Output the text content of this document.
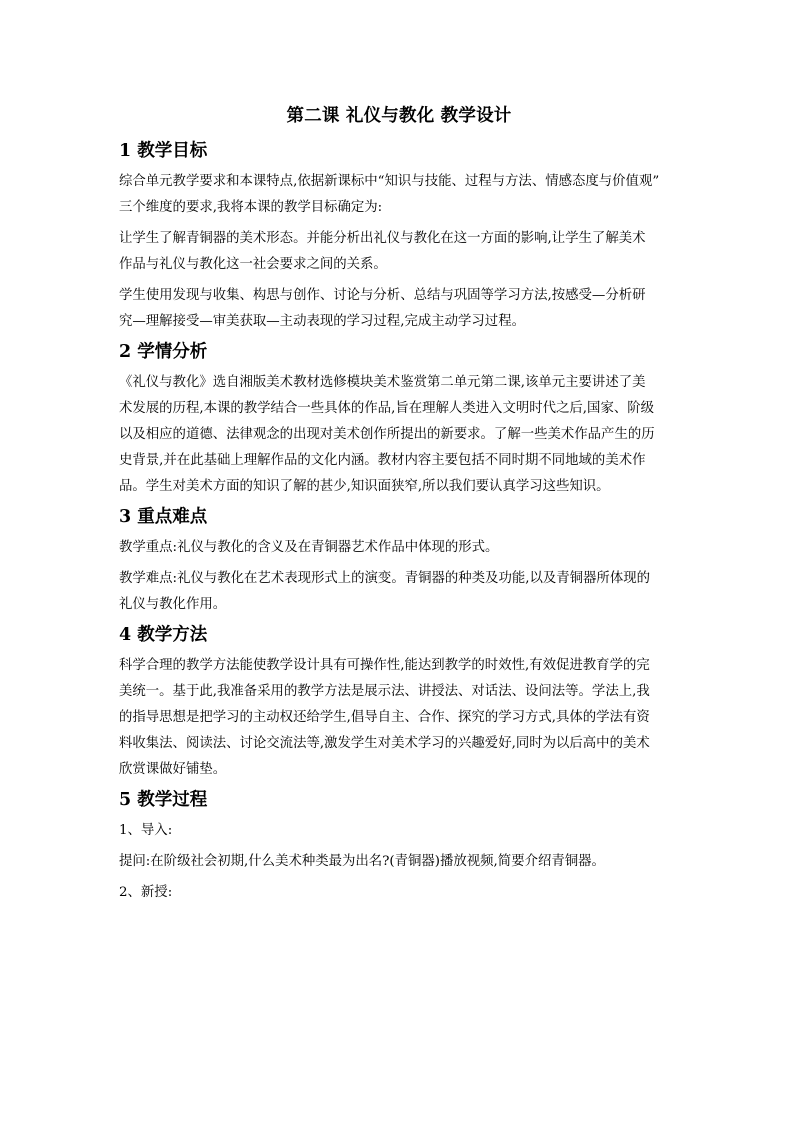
第二课 礼仪与教化 教学设计
1 教学目标
综合单元教学要求和本课特点,依据新课标中“知识与技能、过程与方法、情感态度与价值观”
三个维度的要求,我将本课的教学目标确定为:
让学生了解青铜器的美术形态。并能分析出礼仪与教化在这一方面的影响,让学生了解美术
作品与礼仪与教化这一社会要求之间的关系。
学生使用发现与收集、构思与创作、讨论与分析、总结与巩固等学习方法,按感受—分析研
究—理解接受—审美获取—主动表现的学习过程,完成主动学习过程。
2 学情分析
《礼仪与教化》选自湘版美术教材选修模块美术鉴赏第二单元第二课,该单元主要讲述了美
术发展的历程,本课的教学结合一些具体的作品,旨在理解人类进入文明时代之后,国家、阶级
以及相应的道德、法律观念的出现对美术创作所提出的新要求。了解一些美术作品产生的历
史背景,并在此基础上理解作品的文化内涵。教材内容主要包括不同时期不同地域的美术作
品。学生对美术方面的知识了解的甚少,知识面狭窄,所以我们要认真学习这些知识。
3 重点难点
教学重点:礼仪与教化的含义及在青铜器艺术作品中体现的形式。
教学难点:礼仪与教化在艺术表现形式上的演变。青铜器的种类及功能,以及青铜器所体现的
礼仪与教化作用。
4 教学方法
科学合理的教学方法能使教学设计具有可操作性,能达到教学的时效性,有效促进教育学的完
美统一。基于此,我准备采用的教学方法是展示法、讲授法、对话法、设问法等。学法上,我
的指导思想是把学习的主动权还给学生,倡导自主、合作、探究的学习方式,具体的学法有资
料收集法、阅读法、讨论交流法等,激发学生对美术学习的兴趣爱好,同时为以后高中的美术
欣赏课做好铺垫。
5 教学过程
1、导入:
提问:在阶级社会初期,什么美术种类最为出名?(青铜器)播放视频,简要介绍青铜器。
2、新授:
